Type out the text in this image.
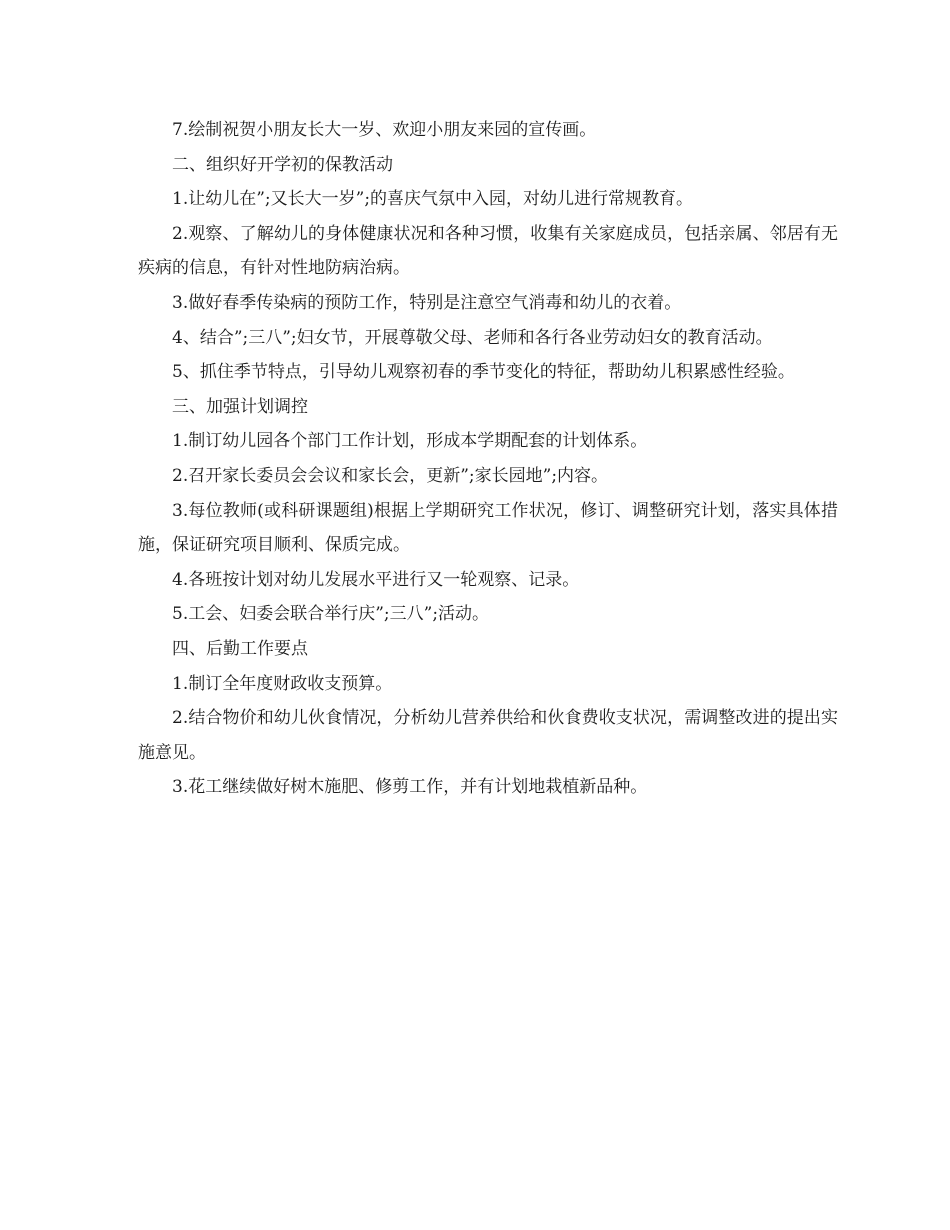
7.绘制祝贺小朋友长大一岁、欢迎小朋友来园的宣传画。

二、组织好开学初的保教活动

1.让幼儿在”;又长大一岁”;的喜庆气氛中入园，对幼儿进行常规教育。

2.观察、了解幼儿的身体健康状况和各种习惯，收集有关家庭成员，包括亲属、邻居有无疾病的信息，有针对性地防病治病。

3.做好春季传染病的预防工作，特别是注意空气消毒和幼儿的衣着。

4、结合”;三八”;妇女节，开展尊敬父母、老师和各行各业劳动妇女的教育活动。

5、抓住季节特点，引导幼儿观察初春的季节变化的特征，帮助幼儿积累感性经验。

三、加强计划调控

1.制订幼儿园各个部门工作计划，形成本学期配套的计划体系。

2.召开家长委员会会议和家长会，更新”;家长园地”;内容。

3.每位教师(或科研课题组)根据上学期研究工作状况，修订、调整研究计划，落实具体措施，保证研究项目顺利、保质完成。

4.各班按计划对幼儿发展水平进行又一轮观察、记录。

5.工会、妇委会联合举行庆”;三八”;活动。

四、后勤工作要点

1.制订全年度财政收支预算。

2.结合物价和幼儿伙食情况，分析幼儿营养供给和伙食费收支状况，需调整改进的提出实施意见。

3.花工继续做好树木施肥、修剪工作，并有计划地栽植新品种。
